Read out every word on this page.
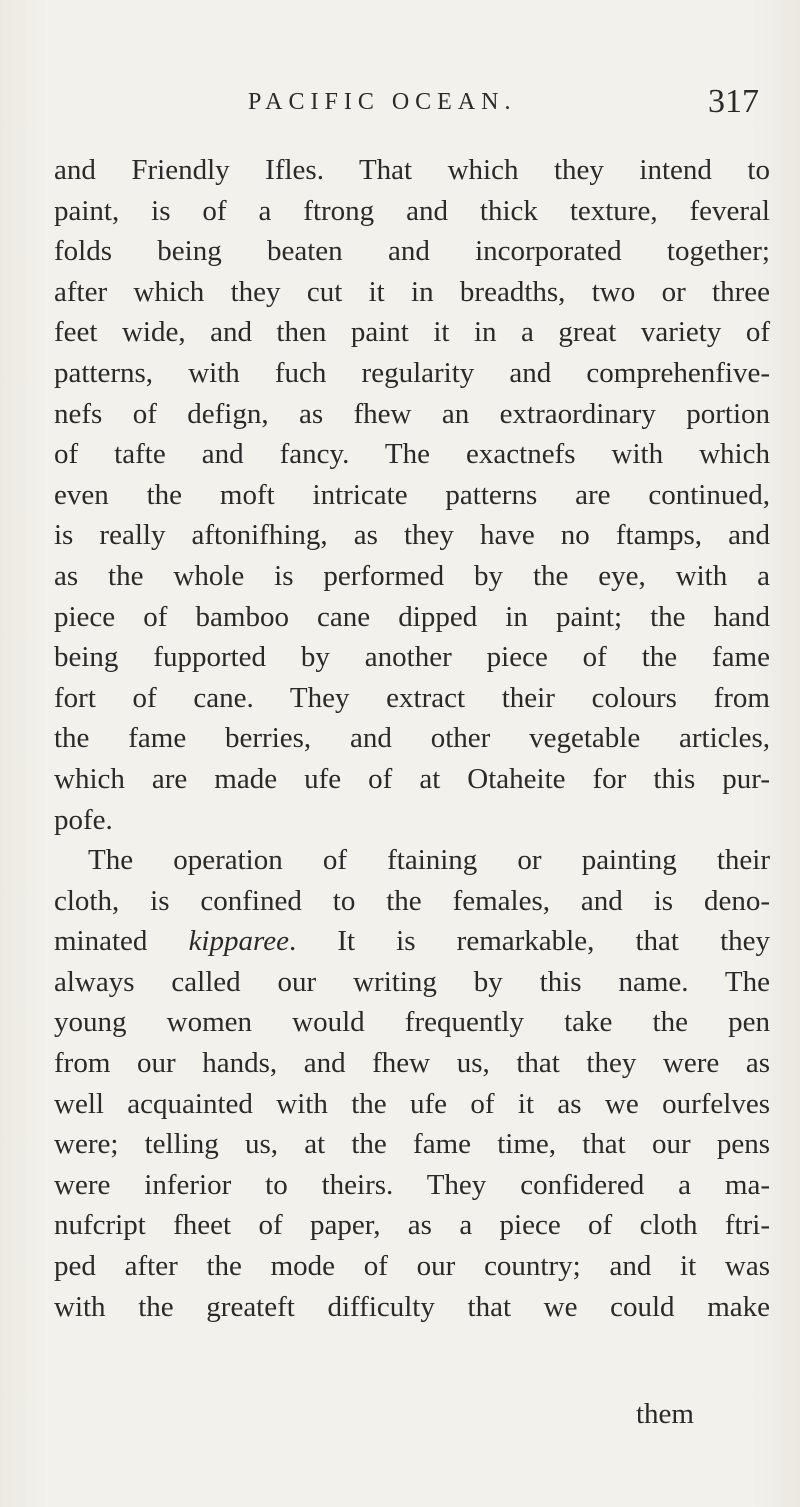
PACIFIC OCEAN.	317
and Friendly Ifles. That which they intend to
paint, is of a ftrong and thick texture, feveral
folds being beaten and incorporated together;
after which they cut it in breadths, two or three
feet wide, and then paint it in a great variety of
patterns, with fuch regularity and comprehenfive-
nefs of defign, as fhew an extraordinary portion
of tafte and fancy. The exactnefs with which
even the moft intricate patterns are continued,
is really aftonifhing, as they have no ftamps, and
as the whole is performed by the eye, with a
piece of bamboo cane dipped in paint; the hand
being fupported by another piece of the fame
fort of cane. They extract their colours from
the fame berries, and other vegetable articles,
which are made ufe of at Otaheite for this pur-
pofe.
The operation of ftaining or painting their
cloth, is confined to the females, and is deno-
minated kipparee. It is remarkable, that they
always called our writing by this name. The
young women would frequently take the pen
from our hands, and fhew us, that they were as
well acquainted with the ufe of it as we ourfelves
were; telling us, at the fame time, that our pens
were inferior to theirs. They confidered a ma-
nufcript fheet of paper, as a piece of cloth ftri-
ped after the mode of our country; and it was
with the greateft difficulty that we could make
them
